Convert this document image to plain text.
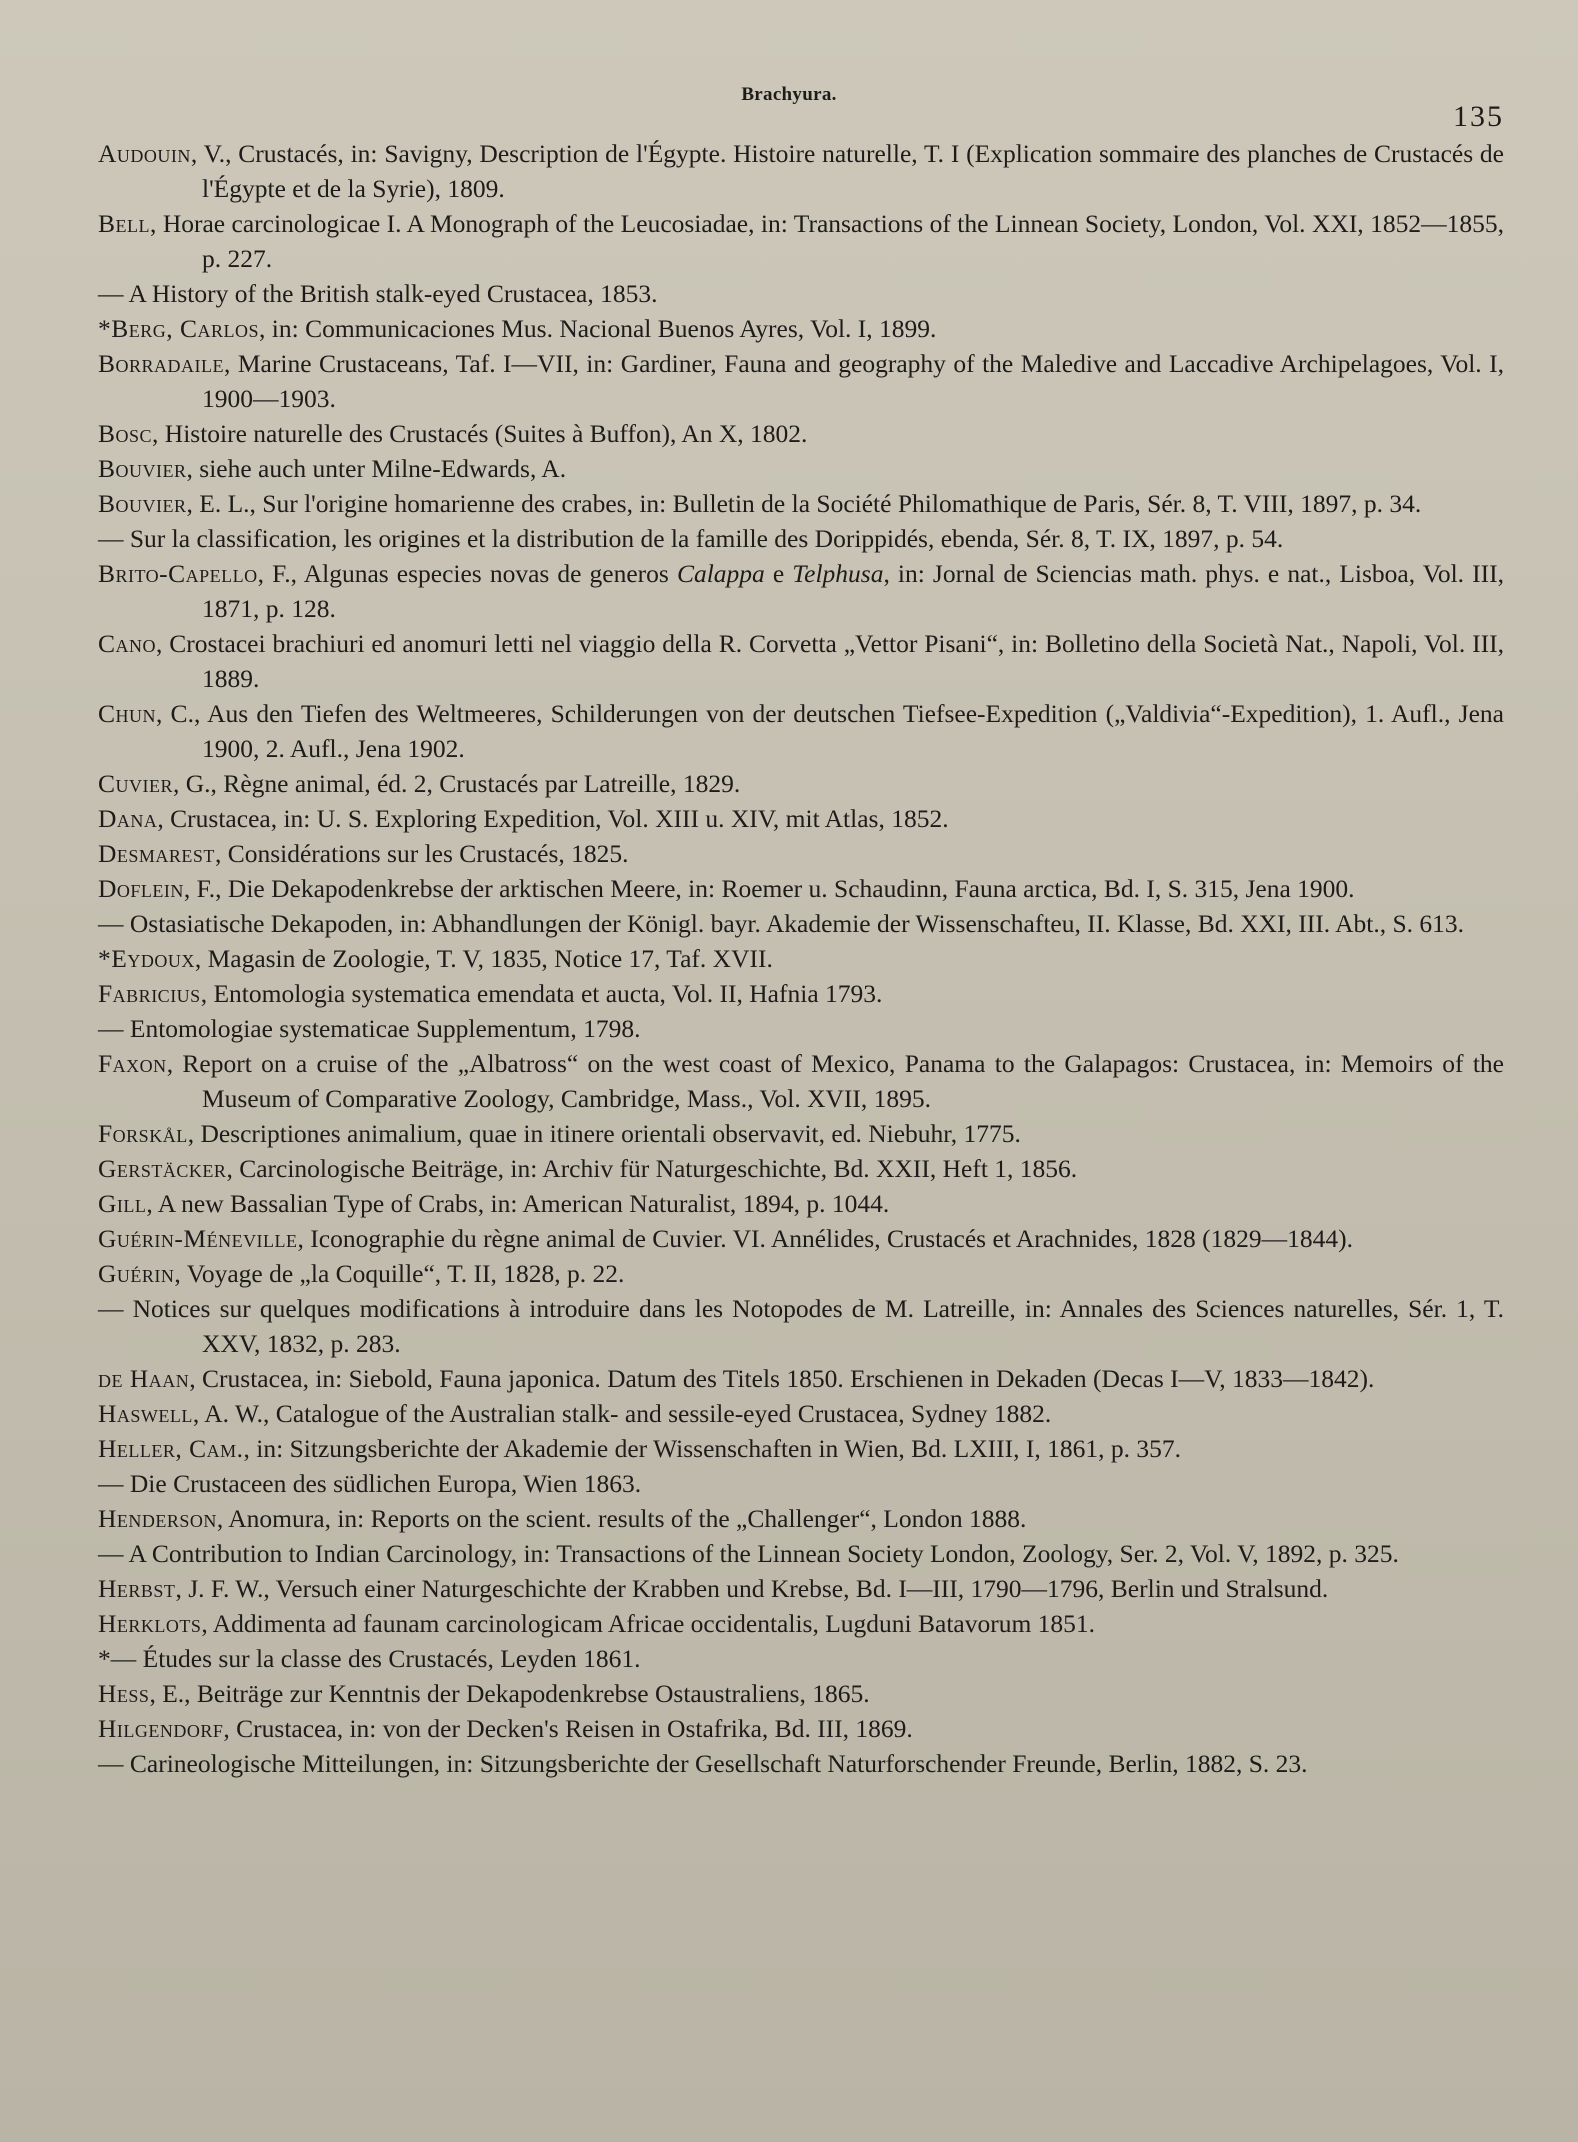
Brachyura.
135
Audouin, V., Crustacés, in: Savigny, Description de l'Égypte. Histoire naturelle, T. I (Explication sommaire des planches de Crustacés de l'Égypte et de la Syrie), 1809.
Bell, Horae carcinologicae I. A Monograph of the Leucosiadae, in: Transactions of the Linnean Society, London, Vol. XXI, 1852—1855, p. 227.
— A History of the British stalk-eyed Crustacea, 1853.
*Berg, Carlos, in: Communicaciones Mus. Nacional Buenos Ayres, Vol. I, 1899.
Borradaile, Marine Crustaceans, Taf. I—VII, in: Gardiner, Fauna and geography of the Maledive and Laccadive Archipelagoes, Vol. I, 1900—1903.
Bosc, Histoire naturelle des Crustacés (Suites à Buffon), An X, 1802.
Bouvier, siehe auch unter Milne-Edwards, A.
Bouvier, E. L., Sur l'origine homarienne des crabes, in: Bulletin de la Société Philomathique de Paris, Sér. 8, T. VIII, 1897, p. 34.
— Sur la classification, les origines et la distribution de la famille des Dorippidés, ebenda, Sér. 8, T. IX, 1897, p. 54.
Brito-Capello, F., Algunas especies novas de generos Calappa e Telphusa, in: Jornal de Sciencias math. phys. e nat., Lisboa, Vol. III, 1871, p. 128.
Cano, Crostacei brachiuri ed anomuri letti nel viaggio della R. Corvetta „Vettor Pisani“, in: Bolletino della Società Nat., Napoli, Vol. III, 1889.
Chun, C., Aus den Tiefen des Weltmeeres, Schilderungen von der deutschen Tiefsee-Expedition („Valdivia“-Expedition), 1. Aufl., Jena 1900, 2. Aufl., Jena 1902.
Cuvier, G., Règne animal, éd. 2, Crustacés par Latreille, 1829.
Dana, Crustacea, in: U. S. Exploring Expedition, Vol. XIII u. XIV, mit Atlas, 1852.
Desmarest, Considérations sur les Crustacés, 1825.
Doflein, F., Die Dekapodenkrebse der arktischen Meere, in: Roemer u. Schaudinn, Fauna arctica, Bd. I, S. 315, Jena 1900.
— Ostasiatische Dekapoden, in: Abhandlungen der Königl. bayr. Akademie der Wissenschafteu, II. Klasse, Bd. XXI, III. Abt., S. 613.
*Eydoux, Magasin de Zoologie, T. V, 1835, Notice 17, Taf. XVII.
Fabricius, Entomologia systematica emendata et aucta, Vol. II, Hafnia 1793.
— Entomologiae systematicae Supplementum, 1798.
Faxon, Report on a cruise of the „Albatross“ on the west coast of Mexico, Panama to the Galapagos: Crustacea, in: Memoirs of the Museum of Comparative Zoology, Cambridge, Mass., Vol. XVII, 1895.
Forskål, Descriptiones animalium, quae in itinere orientali observavit, ed. Niebuhr, 1775.
Gerstäcker, Carcinologische Beiträge, in: Archiv für Naturgeschichte, Bd. XXII, Heft 1, 1856.
Gill, A new Bassalian Type of Crabs, in: American Naturalist, 1894, p. 1044.
Guérin-Méneville, Iconographie du règne animal de Cuvier. VI. Annélides, Crustacés et Arachnides, 1828 (1829—1844).
Guérin, Voyage de „la Coquille“, T. II, 1828, p. 22.
— Notices sur quelques modifications à introduire dans les Notopodes de M. Latreille, in: Annales des Sciences naturelles, Sér. 1, T. XXV, 1832, p. 283.
de Haan, Crustacea, in: Siebold, Fauna japonica. Datum des Titels 1850. Erschienen in Dekaden (Decas I—V, 1833—1842).
Haswell, A. W., Catalogue of the Australian stalk- and sessile-eyed Crustacea, Sydney 1882.
Heller, Cam., in: Sitzungsberichte der Akademie der Wissenschaften in Wien, Bd. LXIII, I, 1861, p. 357.
— Die Crustaceen des südlichen Europa, Wien 1863.
Henderson, Anomura, in: Reports on the scient. results of the „Challenger“, London 1888.
— A Contribution to Indian Carcinology, in: Transactions of the Linnean Society London, Zoology, Ser. 2, Vol. V, 1892, p. 325.
Herbst, J. F. W., Versuch einer Naturgeschichte der Krabben und Krebse, Bd. I—III, 1790—1796, Berlin und Stralsund.
Herklots, Addimenta ad faunam carcinologicam Africae occidentalis, Lugduni Batavorum 1851.
*— Études sur la classe des Crustacés, Leyden 1861.
Hess, E., Beiträge zur Kenntnis der Dekapodenkrebse Ostaustraliens, 1865.
Hilgendorf, Crustacea, in: von der Decken's Reisen in Ostafrika, Bd. III, 1869.
— Carineologische Mitteilungen, in: Sitzungsberichte der Gesellschaft Naturforschender Freunde, Berlin, 1882, S. 23.
